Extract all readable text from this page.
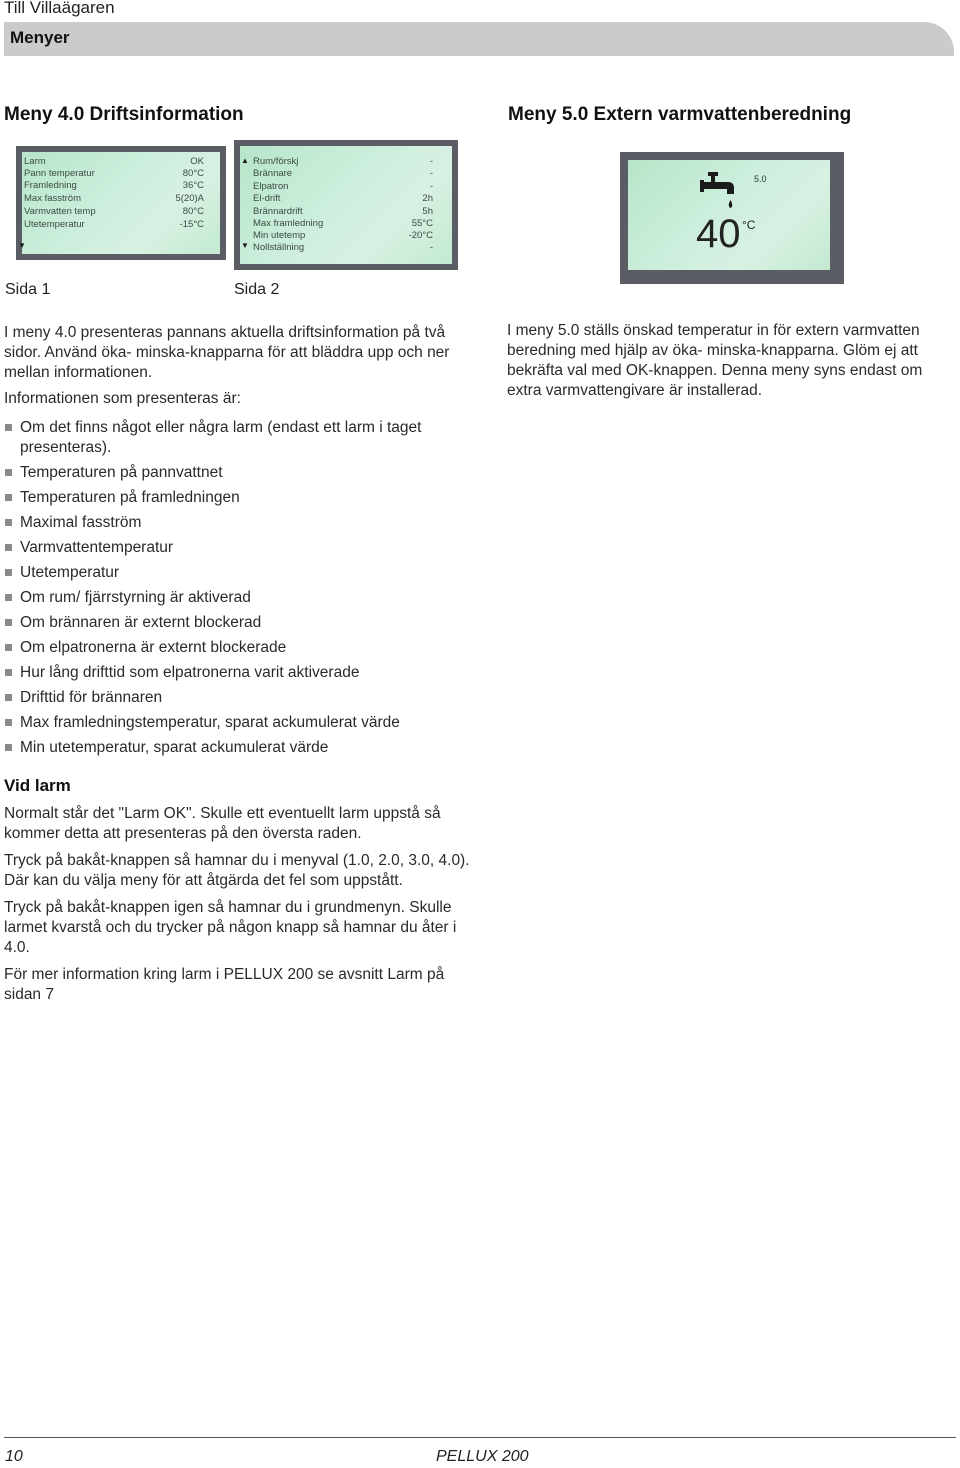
Till Villaägaren
Menyer
Meny 4.0 Driftsinformation	Meny 5.0 Extern varmvattenberedning
Larm	OK
Pann temperatur	80°C
Framledning	36°C
Max fasström	5(20)A
Varmvatten temp	80°C
Utetemperatur	-15°C
▼
▲
▼
Rum/förskj	-
Brännare	-
Elpatron	-
El-drift	2h
Brännardrift	5h
Max framledning	55°C
Min utetemp	-20°C
Nollställning	-
5.0
40 °C
Sida 1	Sida 2
I meny 4.0 presenteras pannans aktuella driftsinformation på två sidor. Använd öka- minska-knapparna för att bläddra upp och ner mellan informationen.
Informationen som presenteras är:
Om det finns något eller några larm (endast ett larm i taget presenteras).
Temperaturen på pannvattnet
Temperaturen på framledningen
Maximal fasström
Varmvattentemperatur
Utetemperatur
Om rum/ fjärrstyrning är aktiverad
Om brännaren är externt blockerad
Om elpatronerna är externt blockerade
Hur lång drifttid som elpatronerna varit aktiverade
Drifttid för brännaren
Max framledningstemperatur, sparat ackumulerat värde
Min utetemperatur, sparat ackumulerat värde
Vid larm
Normalt står det "Larm OK". Skulle ett eventuellt larm uppstå så kommer detta att presenteras på den översta raden.
Tryck på bakåt-knappen så hamnar du i menyval (1.0, 2.0, 3.0, 4.0). Där kan du välja meny för att åtgärda det fel som uppstått.
Tryck på bakåt-knappen igen så hamnar du i grundmenyn. Skulle larmet kvarstå och du trycker på någon knapp så hamnar du åter i 4.0.
För mer information kring larm i PELLUX 200 se avsnitt Larm på sidan 7
I meny 5.0 ställs önskad temperatur in för extern varmvatten beredning med hjälp av öka- minska-knapparna. Glöm ej att bekräfta val med OK-knappen. Denna meny syns endast om extra varmvattengivare är installerad.
10	PELLUX 200
